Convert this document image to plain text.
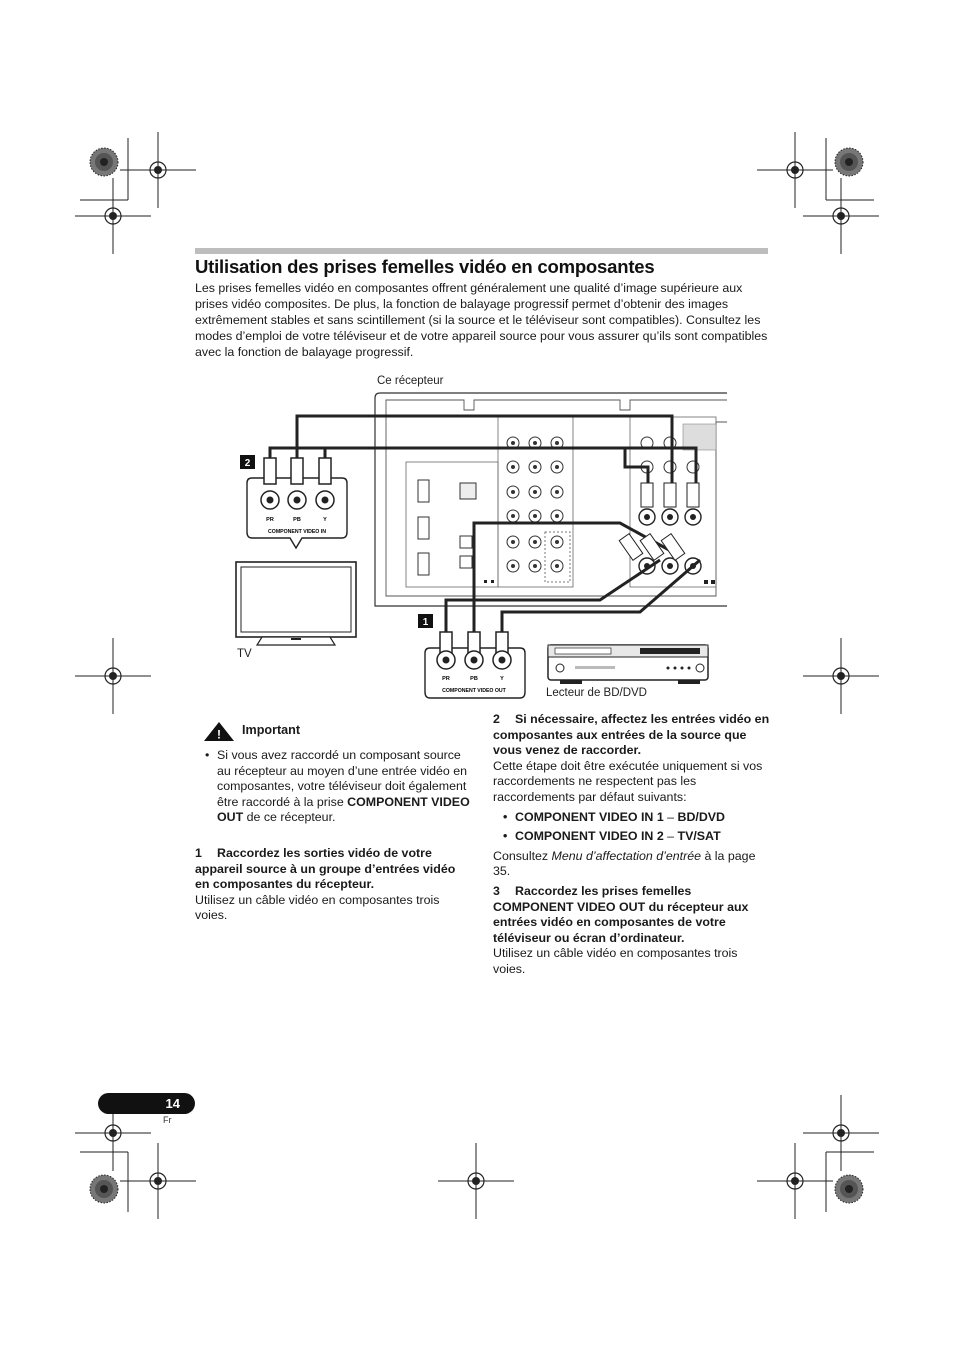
Utilisation des prises femelles vidéo en composantes

Les prises femelles vidéo en composantes offrent généralement une qualité d’image supérieure aux prises vidéo composites. De plus, la fonction de balayage progressif permet d’obtenir des images extrêmement stables et sans scintillement (si la source et le téléviseur sont compatibles). Consultez les modes d’emploi de votre téléviseur et de votre appareil source pour vous assurer qu’ils sont compatibles avec la fonction de balayage progressif.

Ce récepteur
TV
Lecteur de BD/DVD
PR	PB	Y
COMPONENT VIDEO IN
2
PR	PB	Y
COMPONENT VIDEO OUT
1
! Important
• Si vous avez raccordé un composant source au récepteur au moyen d’une entrée vidéo en composantes, votre téléviseur doit également être raccordé à la prise COMPONENT VIDEO OUT de ce récepteur.

1 Raccordez les sorties vidéo de votre appareil source à un groupe d’entrées vidéo en composantes du récepteur.

Utilisez un câble vidéo en composantes trois voies.

2 Si nécessaire, affectez les entrées vidéo en composantes aux entrées de la source que vous venez de raccorder.

Cette étape doit être exécutée uniquement si vos raccordements ne respectent pas les raccordements par défaut suivants:

• COMPONENT VIDEO IN 1 – BD/DVD
• COMPONENT VIDEO IN 2 – TV/SAT

Consultez Menu d’affectation d’entrée à la page 35.

3 Raccordez les prises femelles COMPONENT VIDEO OUT du récepteur aux entrées vidéo en composantes de votre téléviseur ou écran d’ordinateur.

Utilisez un câble vidéo en composantes trois voies.

14
Fr
